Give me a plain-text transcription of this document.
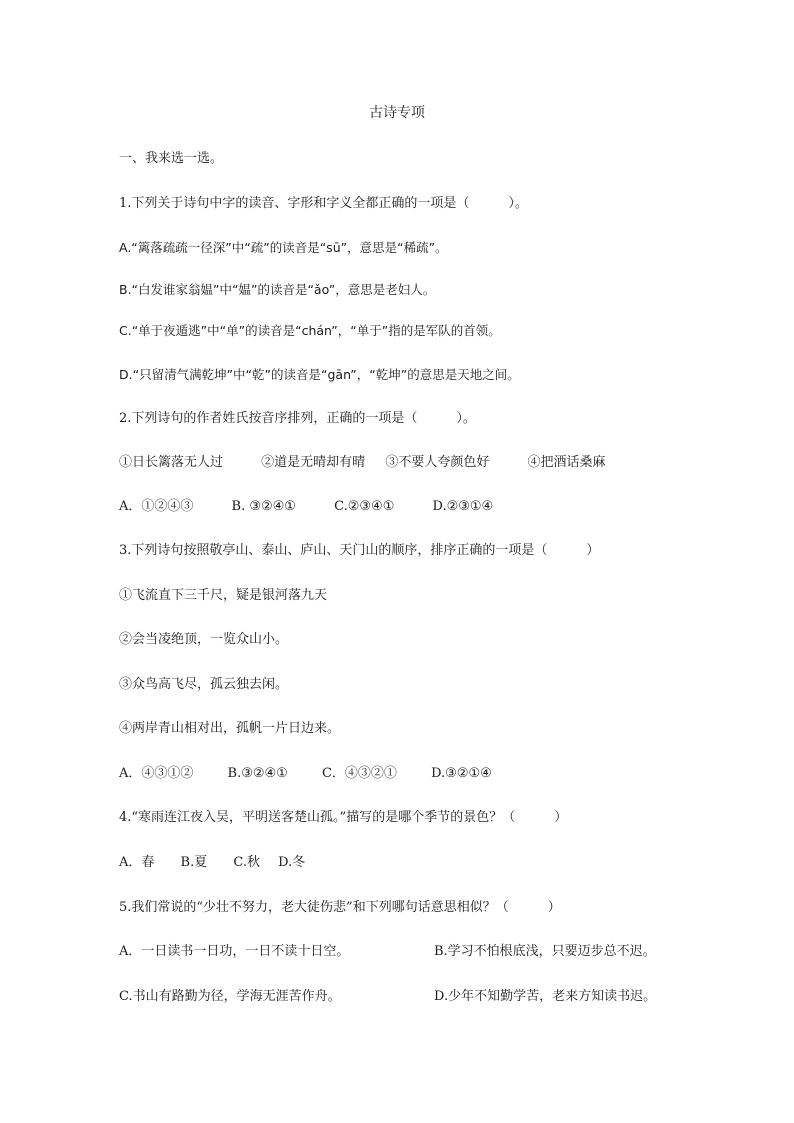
古诗专项
一、我来选一选。
1.下列关于诗句中字的读音、字形和字义全都正确的一项是（　　　）。
A.“篱落疏疏一径深”中“疏”的读音是“sū”，意思是“稀疏”。
B.“白发谁家翁媪”中“媪”的读音是“ǎo”，意思是老妇人。
C.“单于夜遁逃”中“单”的读音是“chán”，“单于”指的是军队的首领。
D.“只留清气满乾坤”中“乾”的读音是“gān”，“乾坤”的意思是天地之间。
2.下列诗句的作者姓氏按音序排列，正确的一项是（　　　）。
①日长篱落无人过	②道是无晴却有晴 ③不要人夸颜色好	④把酒话桑麻
A．①②④③	B. ③②④①	C.②③④①	D.②③①④
3.下列诗句按照敬亭山、泰山、庐山、天门山的顺序，排序正确的一项是（　　　）
①飞流直下三千尺，疑是银河落九天
②会当凌绝顶，一览众山小。
③众鸟高飞尽，孤云独去闲。
④两岸青山相对出，孤帆一片日边来。
A．④③①②	B.③②④①	C．④③②①	D.③②①④
4.“寒雨连江夜入吴，平明送客楚山孤。”描写的是哪个季节的景色？（　　　）
A．春 B.夏 C.秋 D.冬
5.我们常说的“少壮不努力，老大徒伤悲”和下列哪句话意思相似？（　　　）
A．一日读书一日功，一日不读十日空。	B.学习不怕根底浅，只要迈步总不迟。
C.书山有路勤为径，学海无涯苦作舟。	D.少年不知勤学苦，老来方知读书迟。
